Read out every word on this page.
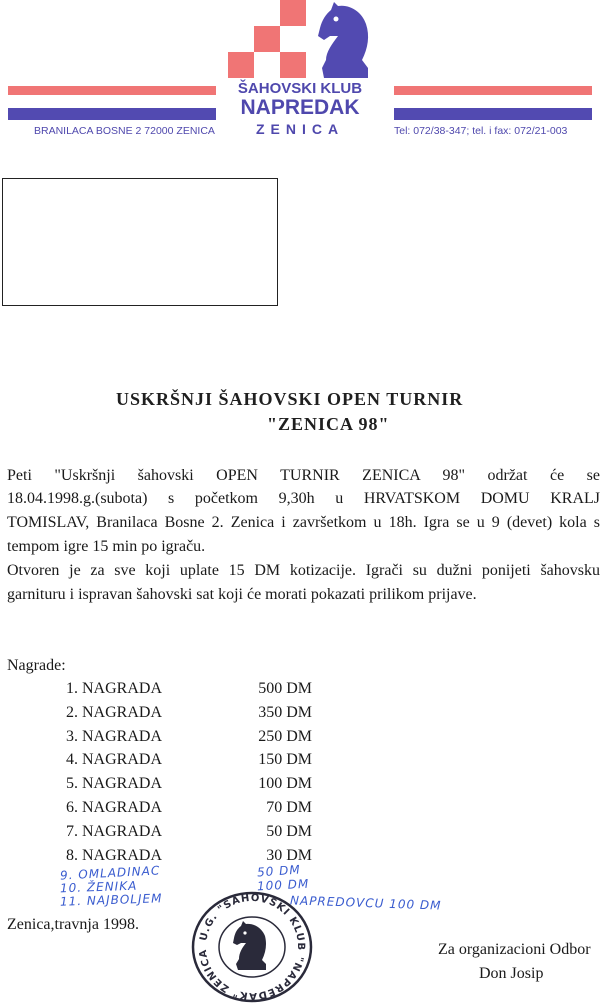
ŠAHOVSKI KLUB
NAPREDAK
ZENICA
BRANILACA BOSNE 2 72000 ZENICA	Tel: 072/38-347; tel. i fax: 072/21-003
USKRŠNJI ŠAHOVSKI OPEN TURNIR
"ZENICA 98"
Peti "Uskršnji šahovski OPEN TURNIR ZENICA 98" održat će se
18.04.1998.g.(subota) s početkom 9,30h u HRVATSKOM DOMU KRALJ
TOMISLAV, Branilaca Bosne 2. Zenica i završetkom u 18h. Igra se u 9 (devet) kola s
tempom igre 15 min po igraču.
Otvoren je za sve koji uplate 15 DM kotizacije. Igrači su dužni ponijeti šahovsku
garnituru i ispravan šahovski sat koji će morati pokazati prilikom prijave.
Nagrade:
1. NAGRADA	500 DM
2. NAGRADA	350 DM
3. NAGRADA	250 DM
4. NAGRADA	150 DM
5. NAGRADA	100 DM
6. NAGRADA	70 DM
7. NAGRADA	50 DM
8. NAGRADA	30 DM
9. OMLADINAC	50 DM
10. ŽENIKA	100 DM
11. NAJBOLJEM	NAPREDOVCU 100 DM
U.G. "ŠAHOVSKI KLUB "NAPREDAK" ZENICA
Zenica,travnja 1998.
Za organizacioni Odbor
Don Josip
